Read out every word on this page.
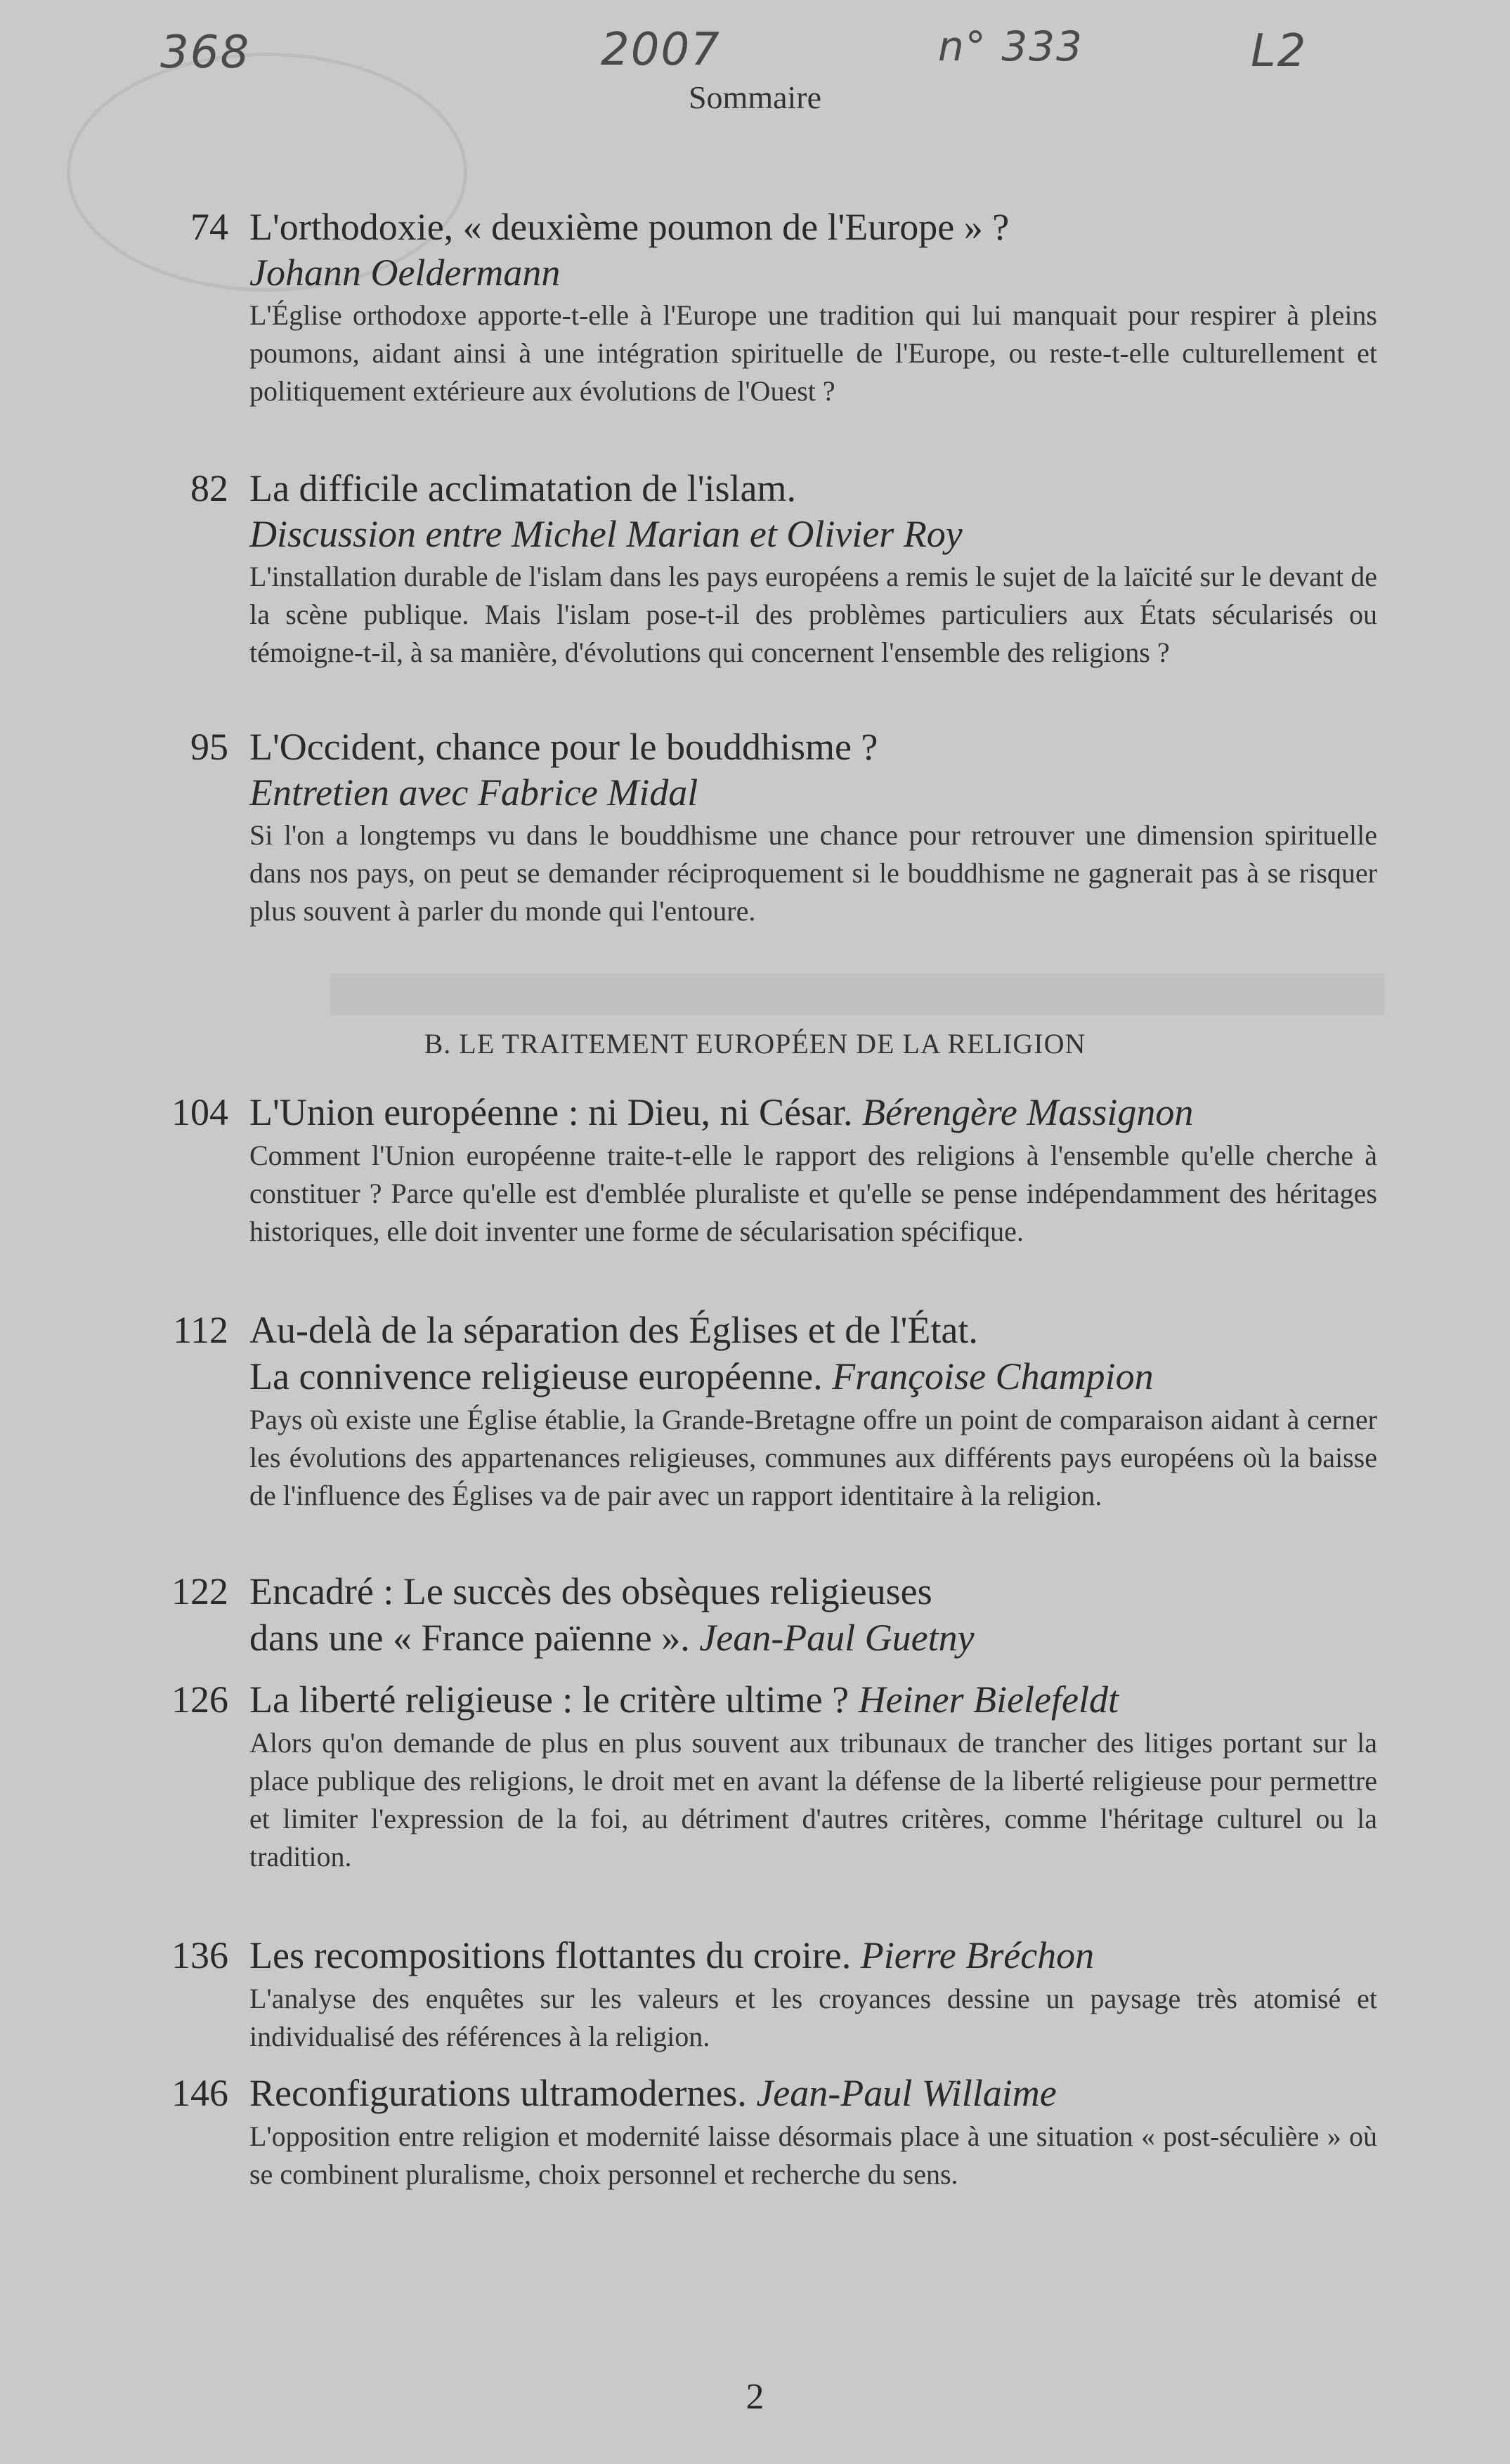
368	2007	n° 333	L2
Sommaire
74 L'orthodoxie, « deuxième poumon de l'Europe » ?

Johann Oeldermann

L'Église orthodoxe apporte-t-elle à l'Europe une tradition qui lui manquait pour respirer à pleins poumons, aidant ainsi à une intégration spirituelle de l'Europe, ou reste-t-elle culturellement et politiquement extérieure aux évolutions de l'Ouest ?

82 La difficile acclimatation de l'islam.

Discussion entre Michel Marian et Olivier Roy

L'installation durable de l'islam dans les pays européens a remis le sujet de la laïcité sur le devant de la scène publique. Mais l'islam pose-t-il des problèmes particuliers aux États sécularisés ou témoigne-t-il, à sa manière, d'évolutions qui concernent l'ensemble des religions ?

95 L'Occident, chance pour le bouddhisme ?

Entretien avec Fabrice Midal

Si l'on a longtemps vu dans le bouddhisme une chance pour retrouver une dimension spirituelle dans nos pays, on peut se demander réciproquement si le bouddhisme ne gagnerait pas à se risquer plus souvent à parler du monde qui l'entoure.

B. LE TRAITEMENT EUROPÉEN DE LA RELIGION
104 L'Union européenne : ni Dieu, ni César. Bérengère Massignon

Comment l'Union européenne traite-t-elle le rapport des religions à l'ensemble qu'elle cherche à constituer ? Parce qu'elle est d'emblée pluraliste et qu'elle se pense indépendamment des héritages historiques, elle doit inventer une forme de sécularisation spécifique.

112 Au-delà de la séparation des Églises et de l'État.

La connivence religieuse européenne. Françoise Champion

Pays où existe une Église établie, la Grande-Bretagne offre un point de comparaison aidant à cerner les évolutions des appartenances religieuses, communes aux différents pays européens où la baisse de l'influence des Églises va de pair avec un rapport identitaire à la religion.

122 Encadré : Le succès des obsèques religieuses

dans une « France païenne ». Jean-Paul Guetny

126 La liberté religieuse : le critère ultime ? Heiner Bielefeldt

Alors qu'on demande de plus en plus souvent aux tribunaux de trancher des litiges portant sur la place publique des religions, le droit met en avant la défense de la liberté religieuse pour permettre et limiter l'expression de la foi, au détriment d'autres critères, comme l'héritage culturel ou la tradition.

136 Les recompositions flottantes du croire. Pierre Bréchon

L'analyse des enquêtes sur les valeurs et les croyances dessine un paysage très atomisé et individualisé des références à la religion.

146 Reconfigurations ultramodernes. Jean-Paul Willaime

L'opposition entre religion et modernité laisse désormais place à une situation « post-séculière » où se combinent pluralisme, choix personnel et recherche du sens.

2
